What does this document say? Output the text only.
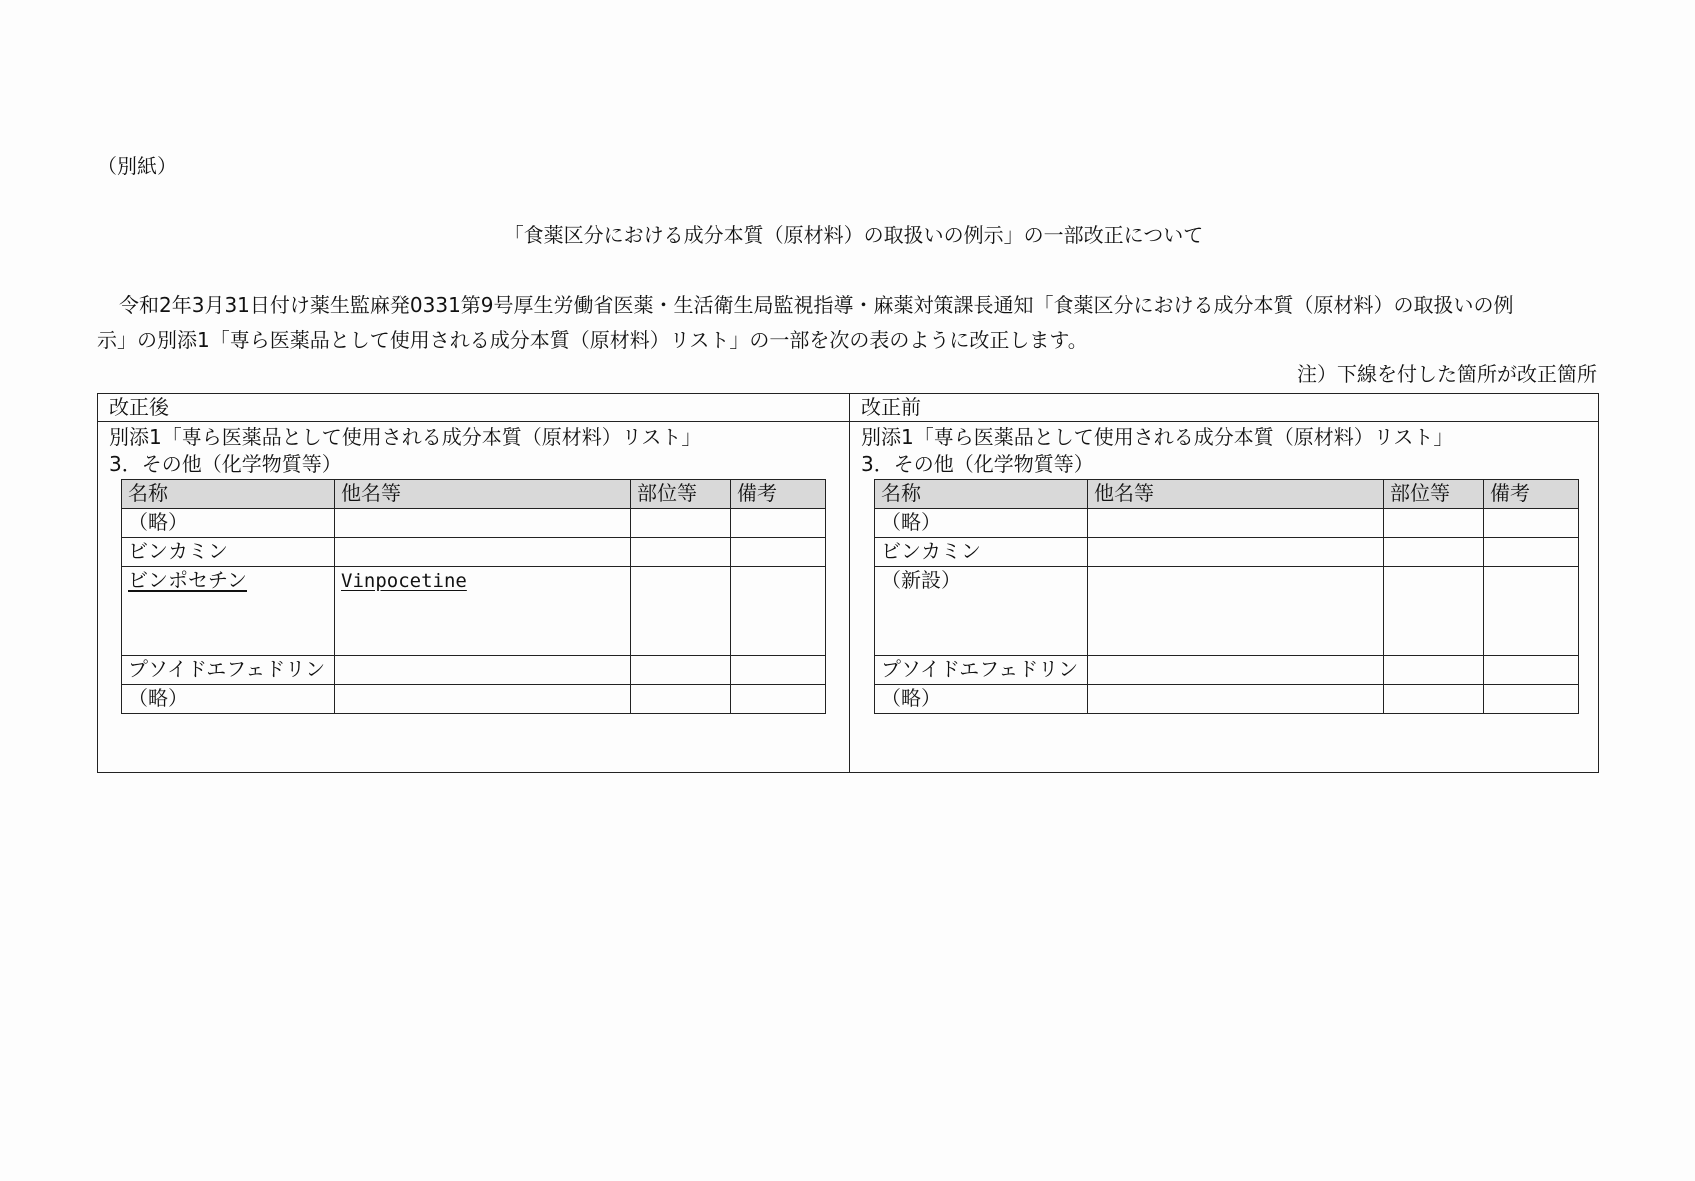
（別紙）
「食薬区分における成分本質（原材料）の取扱いの例示」の一部改正について
令和2年3月31日付け薬生監麻発0331第9号厚生労働省医薬・生活衛生局監視指導・麻薬対策課長通知「食薬区分における成分本質（原材料）の取扱いの例
示」の別添1「専ら医薬品として使用される成分本質（原材料）リスト」の一部を次の表のように改正します。
注）下線を付した箇所が改正箇所
改正後
別添1「専ら医薬品として使用される成分本質（原材料）リスト」
3．その他（化学物質等）
名称	他名等	部位等	備考
（略）			
ビンカミン			
ビンポセチン	Vinpocetine		
プソイドエフェドリン			
（略）			
改正前
別添1「専ら医薬品として使用される成分本質（原材料）リスト」
3．その他（化学物質等）
名称	他名等	部位等	備考
（略）			
ビンカミン			
（新設）			
プソイドエフェドリン			
（略）			
